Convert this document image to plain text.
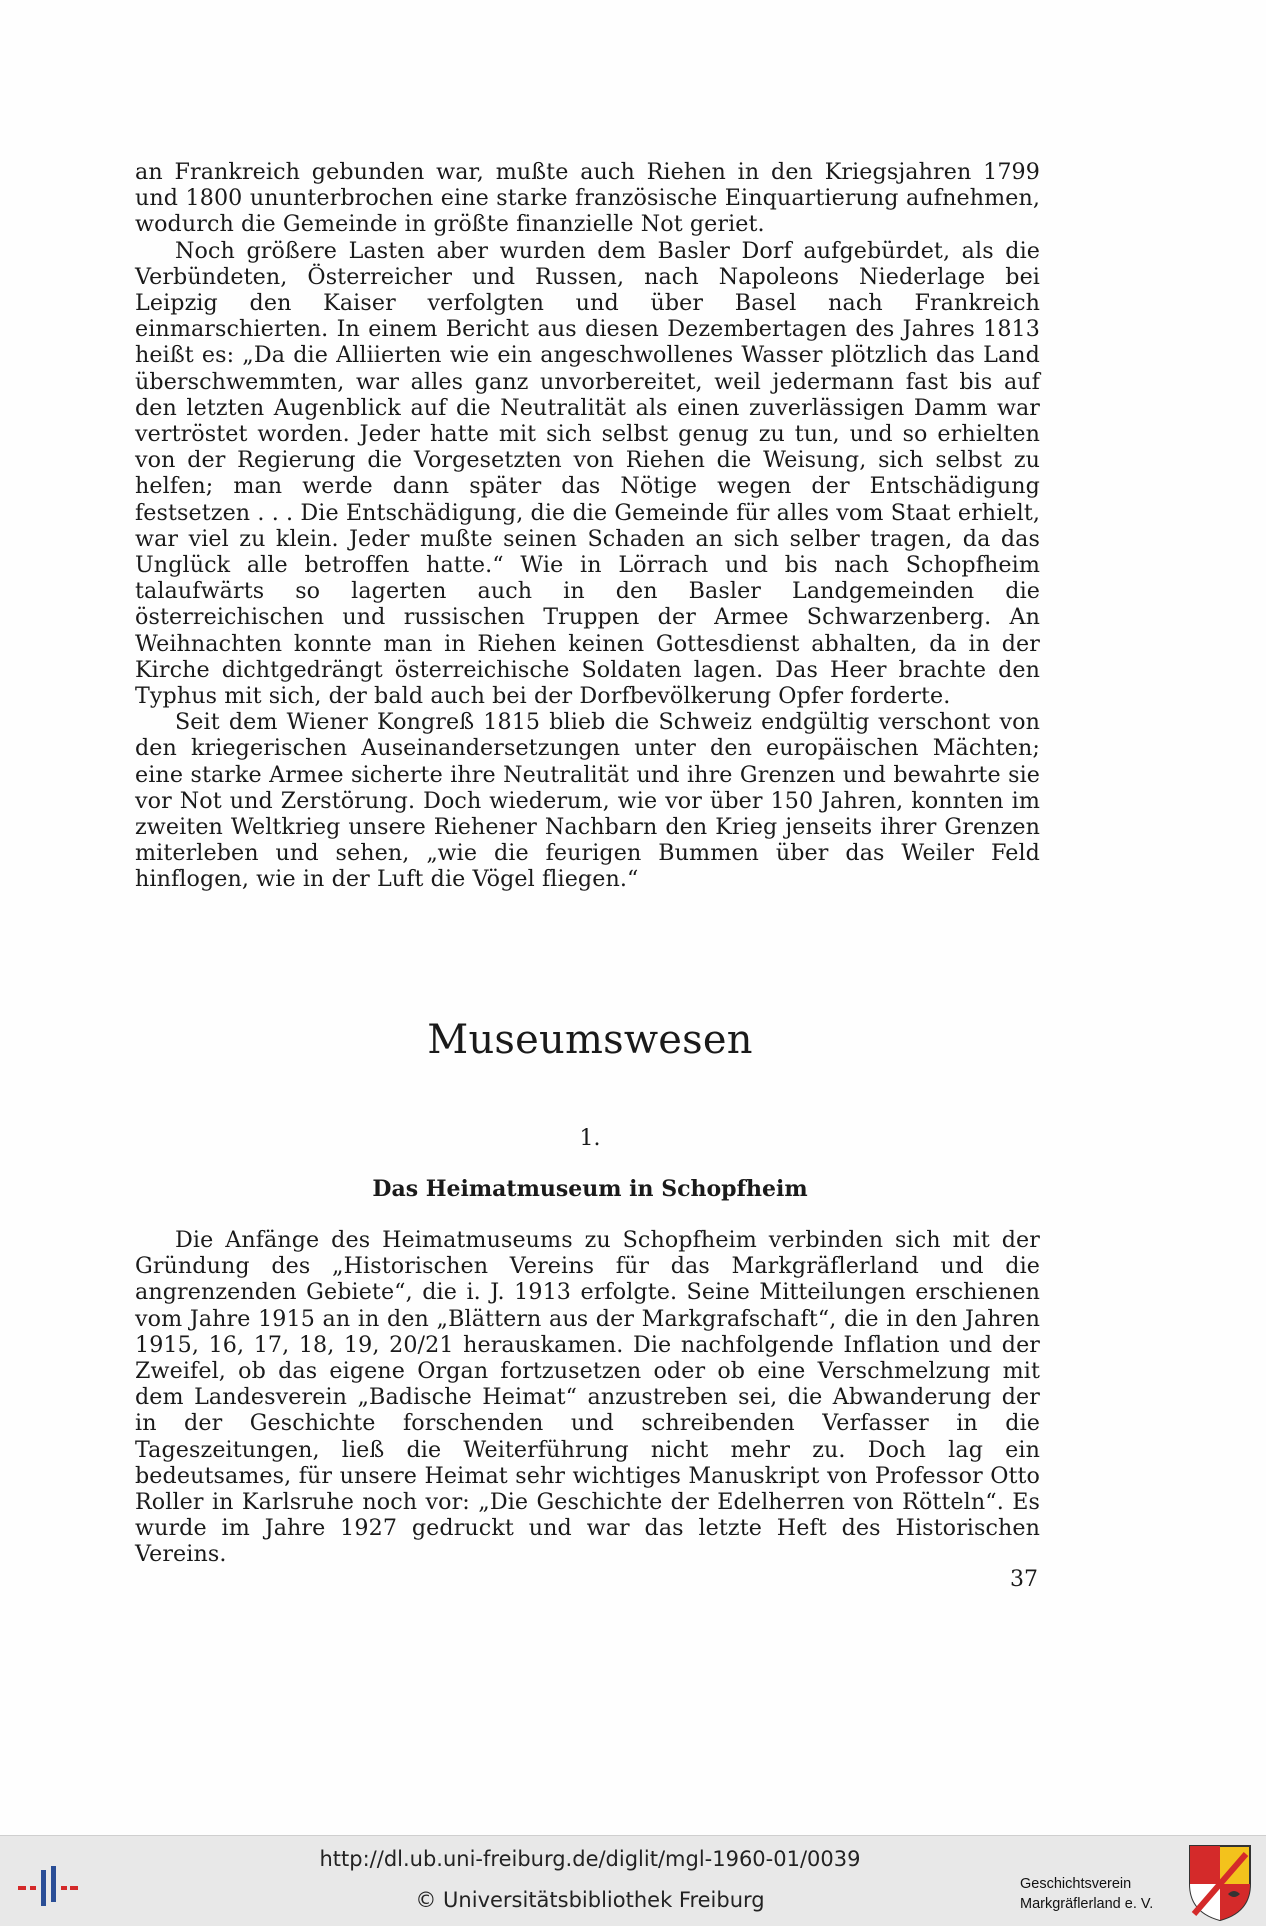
an Frankreich gebunden war, mußte auch Riehen in den Kriegsjahren 1799 und 1800 ununterbrochen eine starke französische Einquartierung aufnehmen, wodurch die Gemeinde in größte finanzielle Not geriet.

Noch größere Lasten aber wurden dem Basler Dorf aufgebürdet, als die Verbündeten, Österreicher und Russen, nach Napoleons Niederlage bei Leipzig den Kaiser verfolgten und über Basel nach Frankreich einmarschierten. In einem Bericht aus diesen Dezembertagen des Jahres 1813 heißt es: „Da die Alliierten wie ein angeschwollenes Wasser plötzlich das Land überschwemmten, war alles ganz unvorbereitet, weil jedermann fast bis auf den letzten Augenblick auf die Neutralität als einen zuverlässigen Damm war vertröstet worden. Jeder hatte mit sich selbst genug zu tun, und so erhielten von der Regierung die Vorgesetzten von Riehen die Weisung, sich selbst zu helfen; man werde dann später das Nötige wegen der Entschädigung festsetzen . . . Die Entschädigung, die die Gemeinde für alles vom Staat erhielt, war viel zu klein. Jeder mußte seinen Schaden an sich selber tragen, da das Unglück alle betroffen hatte.“ Wie in Lörrach und bis nach Schopfheim talaufwärts so lagerten auch in den Basler Landgemeinden die österreichischen und russischen Truppen der Armee Schwarzenberg. An Weihnachten konnte man in Riehen keinen Gottesdienst abhalten, da in der Kirche dichtgedrängt österreichische Soldaten lagen. Das Heer brachte den Typhus mit sich, der bald auch bei der Dorfbevölkerung Opfer forderte.

Seit dem Wiener Kongreß 1815 blieb die Schweiz endgültig verschont von den kriegerischen Auseinandersetzungen unter den europäischen Mächten; eine starke Armee sicherte ihre Neutralität und ihre Grenzen und bewahrte sie vor Not und Zerstörung. Doch wiederum, wie vor über 150 Jahren, konnten im zweiten Weltkrieg unsere Riehener Nachbarn den Krieg jenseits ihrer Grenzen miterleben und sehen, „wie die feurigen Bummen über das Weiler Feld hinflogen, wie in der Luft die Vögel fliegen.“

Museumswesen

1.

Das Heimatmuseum in Schopfheim

Die Anfänge des Heimatmuseums zu Schopfheim verbinden sich mit der Gründung des „Historischen Vereins für das Markgräflerland und die angrenzenden Gebiete“, die i. J. 1913 erfolgte. Seine Mitteilungen erschienen vom Jahre 1915 an in den „Blättern aus der Markgrafschaft“, die in den Jahren 1915, 16, 17, 18, 19, 20/21 herauskamen. Die nachfolgende Inflation und der Zweifel, ob das eigene Organ fortzusetzen oder ob eine Verschmelzung mit dem Landesverein „Badische Heimat“ anzustreben sei, die Abwanderung der in der Geschichte forschenden und schreibenden Verfasser in die Tageszeitungen, ließ die Weiterführung nicht mehr zu. Doch lag ein bedeutsames, für unsere Heimat sehr wichtiges Manuskript von Professor Otto Roller in Karlsruhe noch vor: „Die Geschichte der Edelherren von Rötteln“. Es wurde im Jahre 1927 gedruckt und war das letzte Heft des Historischen Vereins.

37

http://dl.ub.uni-freiburg.de/diglit/mgl-1960-01/0039
© Universitätsbibliothek Freiburg
Geschichtsverein
Markgräflerland e. V.
